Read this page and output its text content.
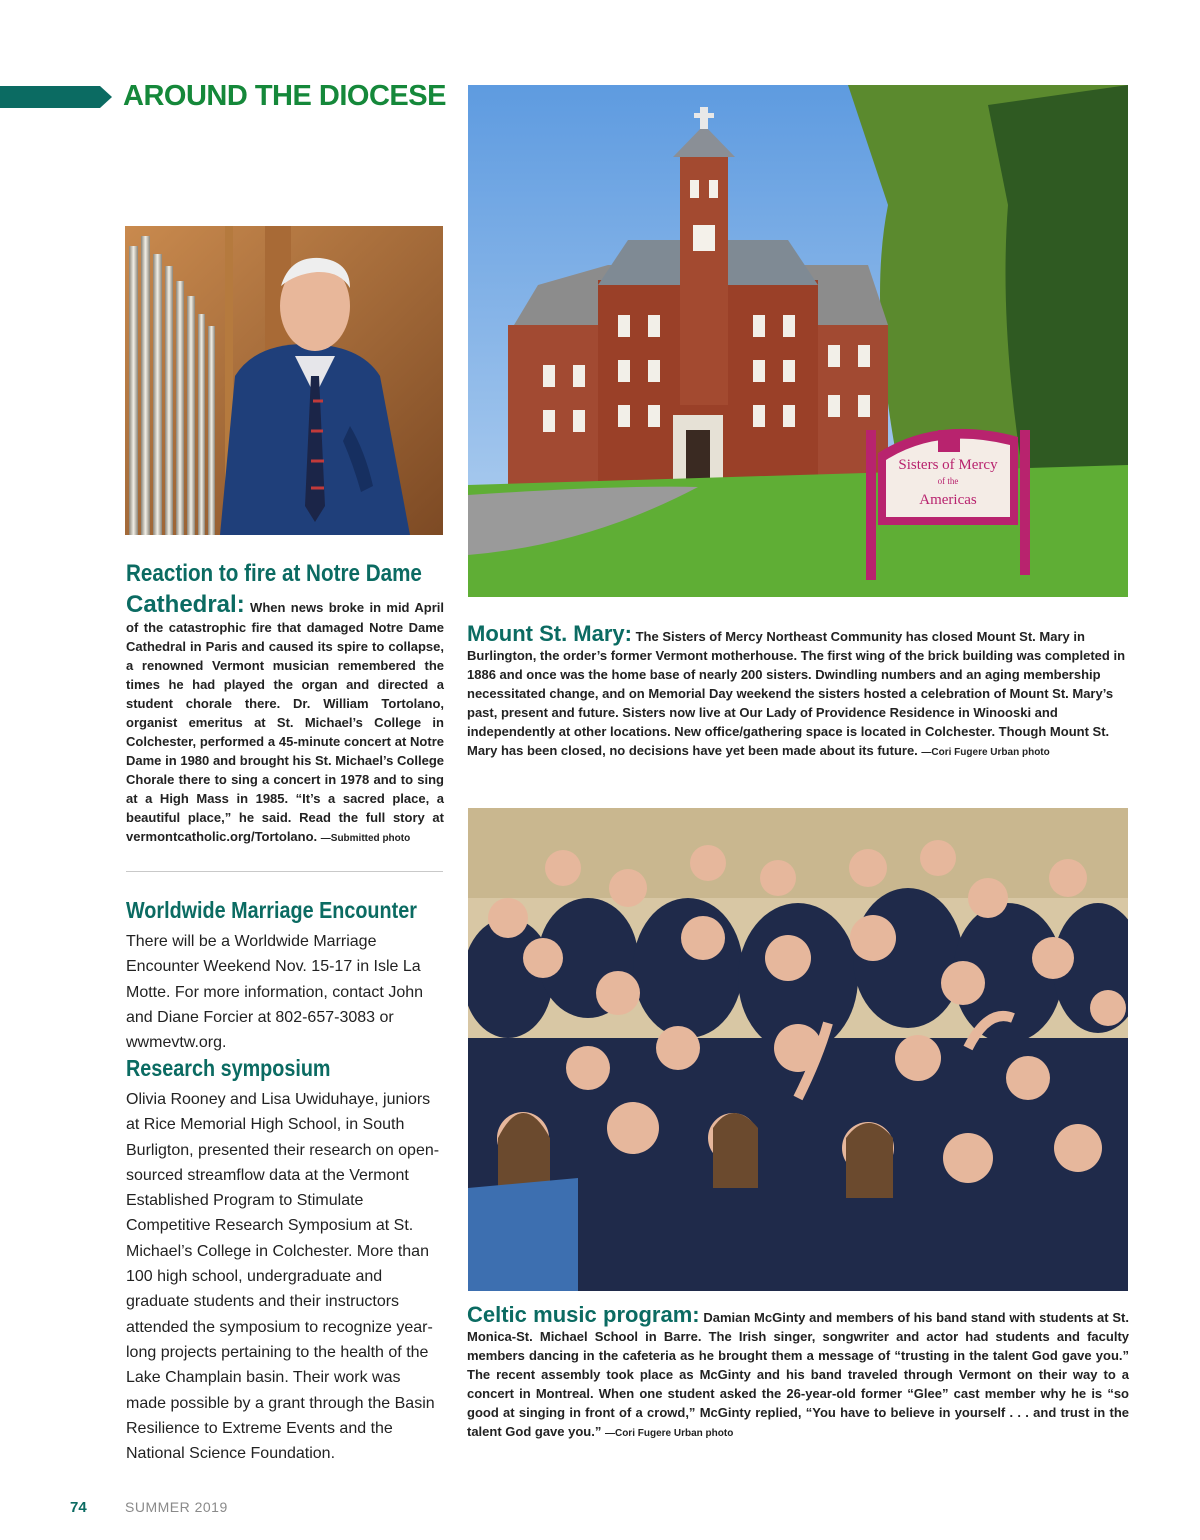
AROUND THE DIOCESE
Sisters of Mercy
of the
Americas
Reaction to fire at Notre Dame

Cathedral: When news broke in mid April of the catastrophic fire that damaged Notre Dame Cathedral in Paris and caused its spire to collapse, a renowned Vermont musician remembered the times he had played the organ and directed a student chorale there. Dr. William Tortolano, organist emeritus at St. Michael’s College in Colchester, performed a 45-minute concert at Notre Dame in 1980 and brought his St. Michael’s College Chorale there to sing a concert in 1978 and to sing at a High Mass in 1985. “It’s a sacred place, a beautiful place,” he said. Read the full story at vermontcatholic.org/Tortolano. —Submitted photo

Mount St. Mary: The Sisters of Mercy Northeast Community has closed Mount St. Mary in Burlington, the order’s former Vermont motherhouse. The first wing of the brick building was completed in 1886 and once was the home base of nearly 200 sisters. Dwindling numbers and an aging membership necessitated change, and on Memorial Day weekend the sisters hosted a celebration of Mount St. Mary’s past, present and future. Sisters now live at Our Lady of Providence Residence in Winooski and independently at other locations. New office/gathering space is located in Colchester. Though Mount St. Mary has been closed, no decisions have yet been made about its future. —Cori Fugere Urban photo

Worldwide Marriage Encounter

There will be a Worldwide Marriage Encounter Weekend Nov. 15-17 in Isle La Motte. For more information, contact John and Diane Forcier at 802-657-3083 or wwmevtw.org.

Research symposium

Olivia Rooney and Lisa Uwiduhaye, juniors at Rice Memorial High School, in South Burligton, presented their research on open-sourced streamflow data at the Vermont Established Program to Stimulate Competitive Research Symposium at St. Michael’s College in Colchester. More than 100 high school, undergraduate and graduate students and their instructors attended the symposium to recognize year-long projects pertaining to the health of the Lake Champlain basin. Their work was made possible by a grant through the Basin Resilience to Extreme Events and the National Science Foundation.

Celtic music program: Damian McGinty and members of his band stand with students at St. Monica-St. Michael School in Barre. The Irish singer, songwriter and actor had students and faculty members dancing in the cafeteria as he brought them a message of “trusting in the talent God gave you.” The recent assembly took place as McGinty and his band traveled through Vermont on their way to a concert in Montreal. When one student asked the 26-year-old former “Glee” cast member why he is “so good at singing in front of a crowd,” McGinty replied, “You have to believe in yourself . . . and trust in the talent God gave you.” —Cori Fugere Urban photo

74	SUMMER 2019
